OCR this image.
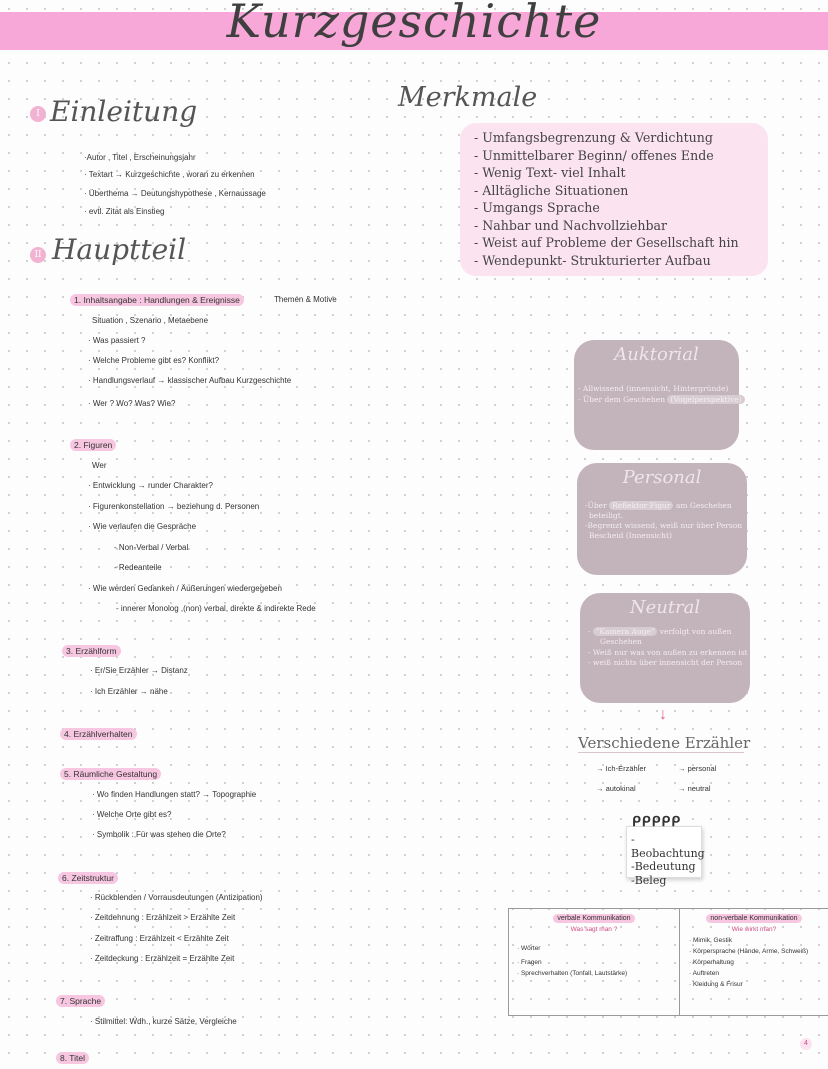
Kurzgeschichte
I Einleitung
·Autor , Titel , Erscheinungsjahr
· Textart → Kurzgeschichte , woran zu erkennen
· Überthema → Deutungshypothese , Kernaussage
· evtl. Zitat als Einstieg
II Hauptteil
1. Inhaltsangabe : Handlungen & Ereignisse	Themen & Motive
Situation , Szenario , Metaebene
· Was passiert ?
· Welche Probleme gibt es? Konflikt?
· Handlungsverlauf → klassischer Aufbau Kurzgeschichte
· Wer ? Wo? Was? Wie?
2. Figuren
Wer
· Entwicklung → runder Charakter?
· Figurenkonstellation → beziehung d. Personen
· Wie verlaufen die Gespräche
- Non-Verbal / Verbal
- Redeanteile
· Wie werden Gedanken / Äußerungen wiedergegeben
- innerer Monolog ,(non) verbal, direkte & indirekte Rede
3. Erzählform
· Er/Sie Erzähler → Distanz
· Ich Erzähler → nähe
4. Erzählverhalten
5. Räumliche Gestaltung
· Wo finden Handlungen statt? → Topographie
· Welche Orte gibt es?
· Symbolik : Für was stehen die Orte?
6. Zeitstruktur
· Rückblenden / Vorrausdeutungen (Antizipation)
· Zeitdehnung : Erzählzeit > Erzählte Zeit
· Zeitraffung : Erzählzeit < Erzählte Zeit
· Zeitdeckung : Erzählzeit = Erzählte Zeit
7. Sprache
· Stilmittel: Wdh., kurze Sätze, Vergleiche
8. Titel
Merkmale
- Umfangsbegrenzung & Verdichtung
- Unmittelbarer Beginn/ offenes Ende
- Wenig Text- viel Inhalt
- Alltägliche Situationen
- Umgangs Sprache
- Nahbar und Nachvollziehbar
- Weist auf Probleme der Gesellschaft hin
- Wendepunkt- Strukturierter Aufbau
Auktorial
- Allwissend (innensicht, Hintergründe)
- Über dem Geschehen (Vogelperspektive)
Personal
-Über Reflektor Figur am Geschehen
beteiligt.
-Begrenzt wissend, weiß nur über Person
Bescheid (Innensicht)
Neutral
- "Kamera Auge" verfolgt von außen
Geschehen
- Weiß nur was von außen zu erkennen ist
- weiß nichts über innensicht der Person
↓
Verschiedene Erzähler
→ Ich-Erzähler	→ personal
→ autokinal	→ neutral
-Beobachtung
-Bedeutung
-Beleg
ᑭᑭᑭᑭᑭ
verbale Kommunikation
Was sagt man ?
· Wörter
· Fragen
· Sprechverhalten (Tonfall, Lautstärke)
non-verbale Kommunikation
Wie wirkt man?
· Mimik, Gestik
· Körpersprache (Hände, Arme, Schweiß)
· Körperhaltung
· Auftreten
· Kleidung & Frisur
4
